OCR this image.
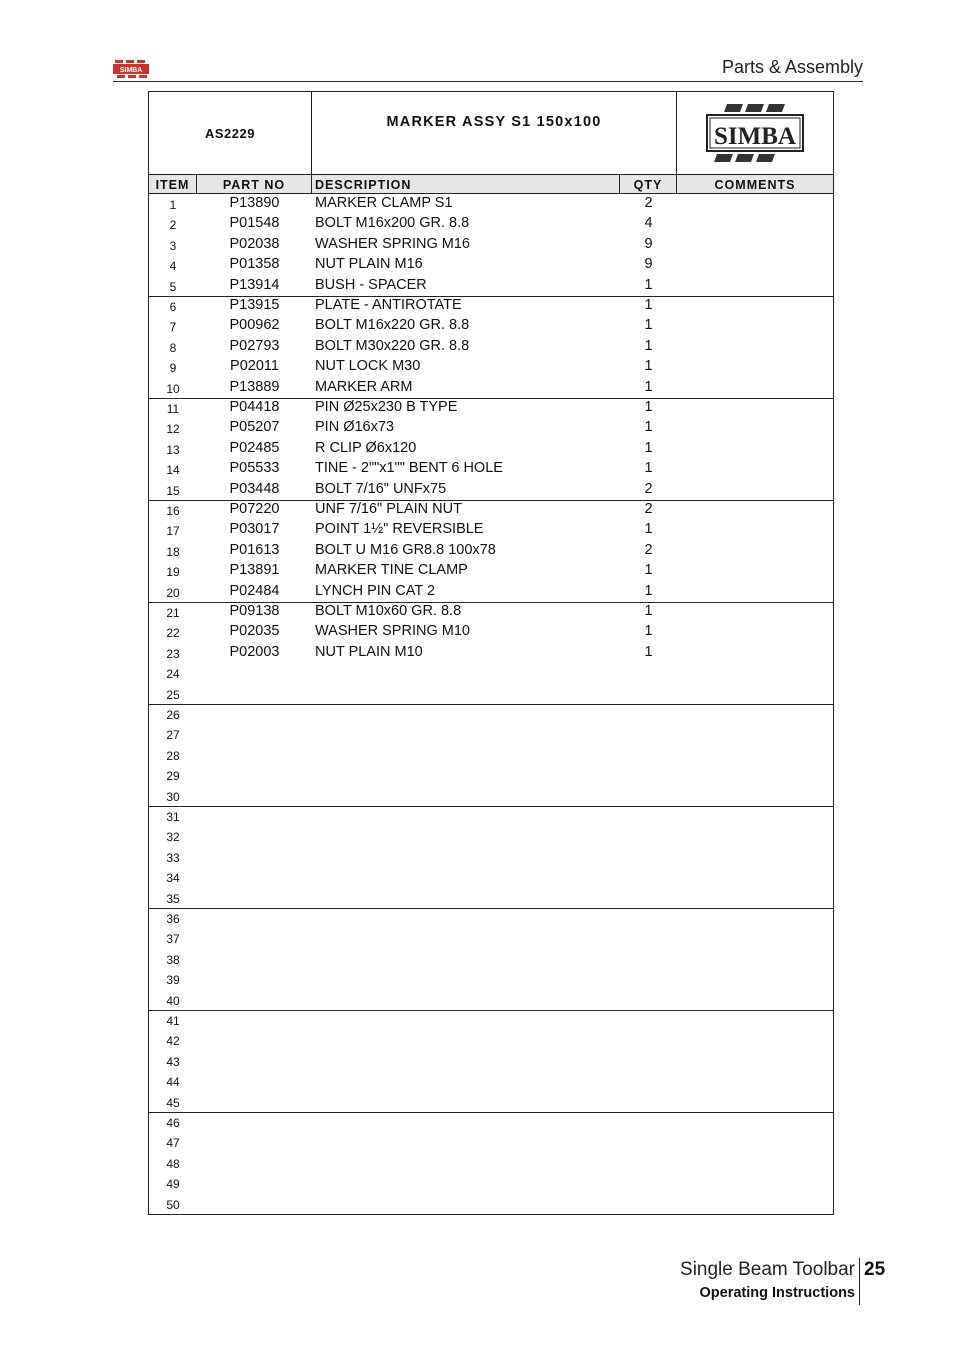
SIMBA	Parts & Assembly
AS2229
MARKER ASSY S1 150x100
SIMBA
ITEM	PART NO	DESCRIPTION	QTY	COMMENTS
1	P13890	MARKER CLAMP S1	2
2	P01548	BOLT M16x200 GR. 8.8	4
3	P02038	WASHER SPRING M16	9
4	P01358	NUT PLAIN M16	9
5	P13914	BUSH - SPACER	1
6	P13915	PLATE - ANTIROTATE	1
7	P00962	BOLT M16x220 GR. 8.8	1
8	P02793	BOLT M30x220 GR. 8.8	1
9	P02011	NUT LOCK M30	1
10	P13889	MARKER ARM	1
11	P04418	PIN Ø25x230 B TYPE	1
12	P05207	PIN Ø16x73	1
13	P02485	R CLIP Ø6x120	1
14	P05533	TINE - 2""x1"" BENT 6 HOLE	1
15	P03448	BOLT 7/16" UNFx75	2
16	P07220	UNF 7/16" PLAIN NUT	2
17	P03017	POINT 1½" REVERSIBLE	1
18	P01613	BOLT U M16 GR8.8 100x78	2
19	P13891	MARKER TINE CLAMP	1
20	P02484	LYNCH PIN CAT 2	1
21	P09138	BOLT M10x60 GR. 8.8	1
22	P02035	WASHER SPRING M10	1
23	P02003	NUT PLAIN M10	1
24
25
26
27
28
29
30
31
32
33
34
35
36
37
38
39
40
41
42
43
44
45
46
47
48
49
50
Single Beam Toolbar 25
Operating Instructions
